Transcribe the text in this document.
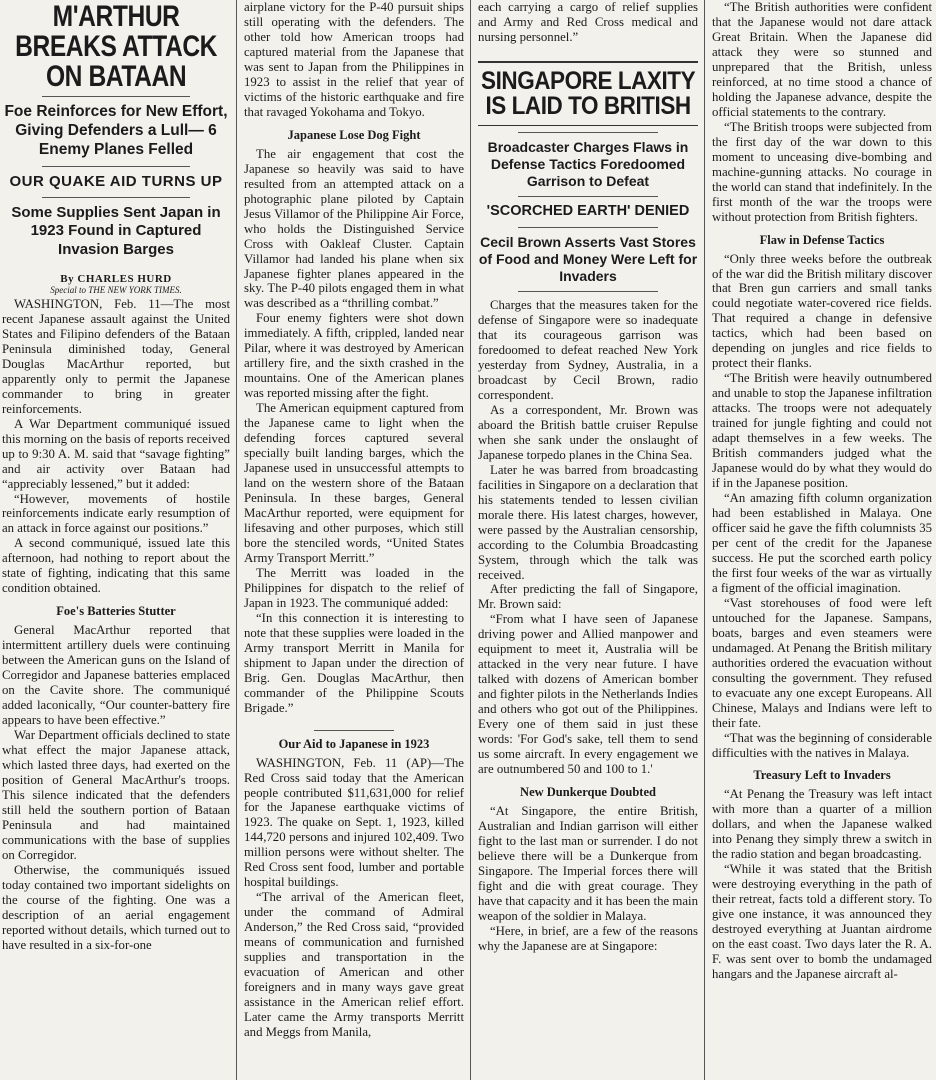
M'ARTHUR BREAKS ATTACK ON BATAAN

Foe Reinforces for New Effort, Giving Defenders a Lull— 6 Enemy Planes Felled

OUR QUAKE AID TURNS UP

Some Supplies Sent Japan in 1923 Found in Captured Invasion Barges

By CHARLES HURD

Special to THE NEW YORK TIMES.

WASHINGTON, Feb. 11—The most recent Japanese assault against the United States and Filipino defenders of the Bataan Peninsula diminished today, General Douglas MacArthur reported, but apparently only to permit the Japanese commander to bring in greater reinforcements.

A War Department communiqué issued this morning on the basis of reports received up to 9:30 A. M. said that “savage fighting” and air activity over Bataan had “appreciably lessened,” but it added:

“However, movements of hostile reinforcements indicate early resumption of an attack in force against our positions.”

A second communiqué, issued late this afternoon, had nothing to report about the state of fighting, indicating that this same condition obtained.

Foe's Batteries Stutter

General MacArthur reported that intermittent artillery duels were continuing between the American guns on the Island of Corregidor and Japanese batteries emplaced on the Cavite shore. The communiqué added laconically, “Our counter-battery fire appears to have been effective.”

War Department officials declined to state what effect the major Japanese attack, which lasted three days, had exerted on the position of General MacArthur's troops. This silence indicated that the defenders still held the southern portion of Bataan Peninsula and had maintained communications with the base of supplies on Corregidor.

Otherwise, the communiqués issued today contained two important sidelights on the course of the fighting. One was a description of an aerial engagement reported without details, which turned out to have resulted in a six-for-one

airplane victory for the P-40 pursuit ships still operating with the defenders. The other told how American troops had captured material from the Japanese that was sent to Japan from the Philippines in 1923 to assist in the relief that year of victims of the historic earthquake and fire that ravaged Yokohama and Tokyo.
Japanese Lose Dog Fight

The air engagement that cost the Japanese so heavily was said to have resulted from an attempted attack on a photographic plane piloted by Captain Jesus Villamor of the Philippine Air Force, who holds the Distinguished Service Cross with Oakleaf Cluster. Captain Villamor had landed his plane when six Japanese fighter planes appeared in the sky. The P-40 pilots engaged them in what was described as a “thrilling combat.”

Four enemy fighters were shot down immediately. A fifth, crippled, landed near Pilar, where it was destroyed by American artillery fire, and the sixth crashed in the mountains. One of the American planes was reported missing after the fight.

The American equipment captured from the Japanese came to light when the defending forces captured several specially built landing barges, which the Japanese used in unsuccessful attempts to land on the western shore of the Bataan Peninsula. In these barges, General MacArthur reported, were equipment for lifesaving and other purposes, which still bore the stenciled words, “United States Army Transport Merritt.”

The Merritt was loaded in the Philippines for dispatch to the relief of Japan in 1923. The communiqué added:

“In this connection it is interesting to note that these supplies were loaded in the Army transport Merritt in Manila for shipment to Japan under the direction of Brig. Gen. Douglas MacArthur, then commander of the Philippine Scouts Brigade.”

Our Aid to Japanese in 1923

WASHINGTON, Feb. 11 (AP)—The Red Cross said today that the American people contributed $11,631,000 for relief for the Japanese earthquake victims of 1923. The quake on Sept. 1, 1923, killed 144,720 persons and injured 102,409. Two million persons were without shelter. The Red Cross sent food, lumber and portable hospital buildings.

“The arrival of the American fleet, under the command of Admiral Anderson,” the Red Cross said, “provided means of communication and furnished supplies and transportation in the evacuation of American and other foreigners and in many ways gave great assistance in the American relief effort. Later came the Army transports Merritt and Meggs from Manila,

each carrying a cargo of relief supplies and Army and Red Cross medical and nursing personnel.”
SINGAPORE LAXITY IS LAID TO BRITISH

Broadcaster Charges Flaws in Defense Tactics Foredoomed Garrison to Defeat

'SCORCHED EARTH' DENIED

Cecil Brown Asserts Vast Stores of Food and Money Were Left for Invaders

Charges that the measures taken for the defense of Singapore were so inadequate that its courageous garrison was foredoomed to defeat reached New York yesterday from Sydney, Australia, in a broadcast by Cecil Brown, radio correspondent.

As a correspondent, Mr. Brown was aboard the British battle cruiser Repulse when she sank under the onslaught of Japanese torpedo planes in the China Sea.

Later he was barred from broadcasting facilities in Singapore on a declaration that his statements tended to lessen civilian morale there. His latest charges, however, were passed by the Australian censorship, according to the Columbia Broadcasting System, through which the talk was received.

After predicting the fall of Singapore, Mr. Brown said:

“From what I have seen of Japanese driving power and Allied manpower and equipment to meet it, Australia will be attacked in the very near future. I have talked with dozens of American bomber and fighter pilots in the Netherlands Indies and others who got out of the Philippines. Every one of them said in just these words: 'For God's sake, tell them to send us some aircraft. In every engagement we are outnumbered 50 and 100 to 1.'

New Dunkerque Doubted

“At Singapore, the entire British, Australian and Indian garrison will either fight to the last man or surrender. I do not believe there will be a Dunkerque from Singapore. The Imperial forces there will fight and die with great courage. They have that capacity and it has been the main weapon of the soldier in Malaya.

“Here, in brief, are a few of the reasons why the Japanese are at Singapore:

“The British authorities were confident that the Japanese would not dare attack Great Britain. When the Japanese did attack they were so stunned and unprepared that the British, unless reinforced, at no time stood a chance of holding the Japanese advance, despite the official statements to the contrary.

“The British troops were subjected from the first day of the war down to this moment to unceasing dive-bombing and machine-gunning attacks. No courage in the world can stand that indefinitely. In the first month of the war the troops were without protection from British fighters.

Flaw in Defense Tactics

“Only three weeks before the outbreak of the war did the British military discover that Bren gun carriers and small tanks could negotiate water-covered rice fields. That required a change in defensive tactics, which had been based on depending on jungles and rice fields to protect their flanks.

“The British were heavily outnumbered and unable to stop the Japanese infiltration attacks. The troops were not adequately trained for jungle fighting and could not adapt themselves in a few weeks. The British commanders judged what the Japanese would do by what they would do if in the Japanese position.

“An amazing fifth column organization had been established in Malaya. One officer said he gave the fifth columnists 35 per cent of the credit for the Japanese success. He put the scorched earth policy the first four weeks of the war as virtually a figment of the official imagination.

“Vast storehouses of food were left untouched for the Japanese. Sampans, boats, barges and even steamers were undamaged. At Penang the British military authorities ordered the evacuation without consulting the government. They refused to evacuate any one except Europeans. All Chinese, Malays and Indians were left to their fate.

“That was the beginning of considerable difficulties with the natives in Malaya.

Treasury Left to Invaders

“At Penang the Treasury was left intact with more than a quarter of a million dollars, and when the Japanese walked into Penang they simply threw a switch in the radio station and began broadcasting.

“While it was stated that the British were destroying everything in the path of their retreat, facts told a different story. To give one instance, it was announced they destroyed everything at Juantan airdrome on the east coast. Two days later the R. A. F. was sent over to bomb the undamaged hangars and the Japanese aircraft al-
